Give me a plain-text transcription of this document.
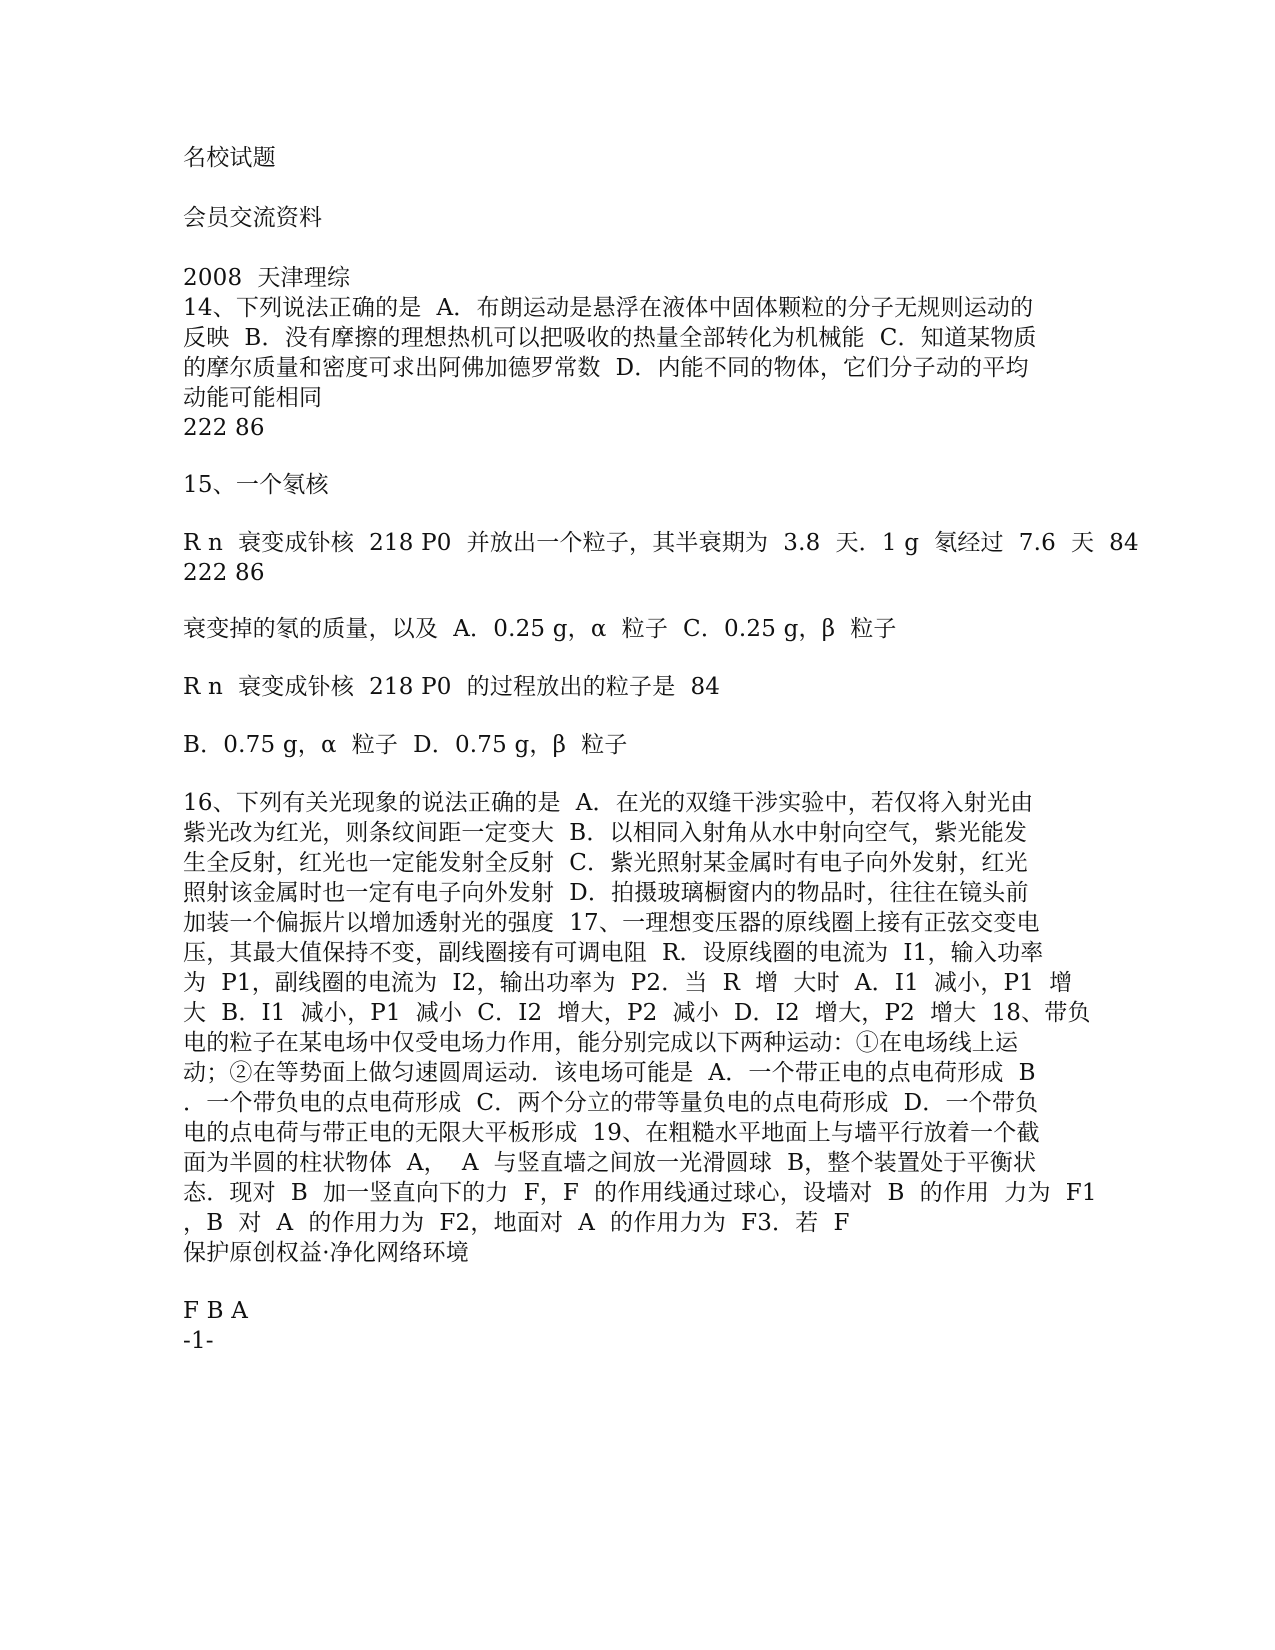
名校试题
会员交流资料
2008  天津理综
14、下列说法正确的是  A．布朗运动是悬浮在液体中固体颗粒的分子无规则运动的
反映  B．没有摩擦的理想热机可以把吸收的热量全部转化为机械能  C．知道某物质
的摩尔质量和密度可求出阿佛加德罗常数  D．内能不同的物体，它们分子动的平均
动能可能相同
222 86
15、一个氡核
R n  衰变成钋核  218 P0  并放出一个粒子，其半衰期为  3.8  天．1 g  氡经过  7.6  天  84
222 86
衰变掉的氡的质量，以及  A．0.25 g，α  粒子  C．0.25 g，β  粒子
R n  衰变成钋核  218 P0  的过程放出的粒子是  84
B．0.75 g，α  粒子  D．0.75 g，β  粒子
16、下列有关光现象的说法正确的是  A．在光的双缝干涉实验中，若仅将入射光由
紫光改为红光，则条纹间距一定变大  B．以相同入射角从水中射向空气，紫光能发
生全反射，红光也一定能发射全反射  C．紫光照射某金属时有电子向外发射，红光
照射该金属时也一定有电子向外发射  D．拍摄玻璃橱窗内的物品时，往往在镜头前
加装一个偏振片以增加透射光的强度  17、一理想变压器的原线圈上接有正弦交变电
压，其最大值保持不变，副线圈接有可调电阻  R．设原线圈的电流为  I1，输入功率
为  P1，副线圈的电流为  I2，输出功率为  P2．当  R  增  大时  A．I1  减小，P1  增
大  B．I1  减小，P1  减小  C．I2  增大，P2  减小  D．I2  增大，P2  增大  18、带负
电的粒子在某电场中仅受电场力作用，能分别完成以下两种运动：①在电场线上运
动；②在等势面上做匀速圆周运动．该电场可能是  A．一个带正电的点电荷形成  B
．一个带负电的点电荷形成  C．两个分立的带等量负电的点电荷形成  D．一个带负
电的点电荷与带正电的无限大平板形成  19、在粗糙水平地面上与墙平行放着一个截
面为半圆的柱状物体  A，  A  与竖直墙之间放一光滑圆球  B，整个装置处于平衡状
态．现对  B  加一竖直向下的力  F，F  的作用线通过球心，设墙对  B  的作用  力为  F1
，B  对  A  的作用力为  F2，地面对  A  的作用力为  F3．若  F
保护原创权益·净化网络环境
F B A
-1-
